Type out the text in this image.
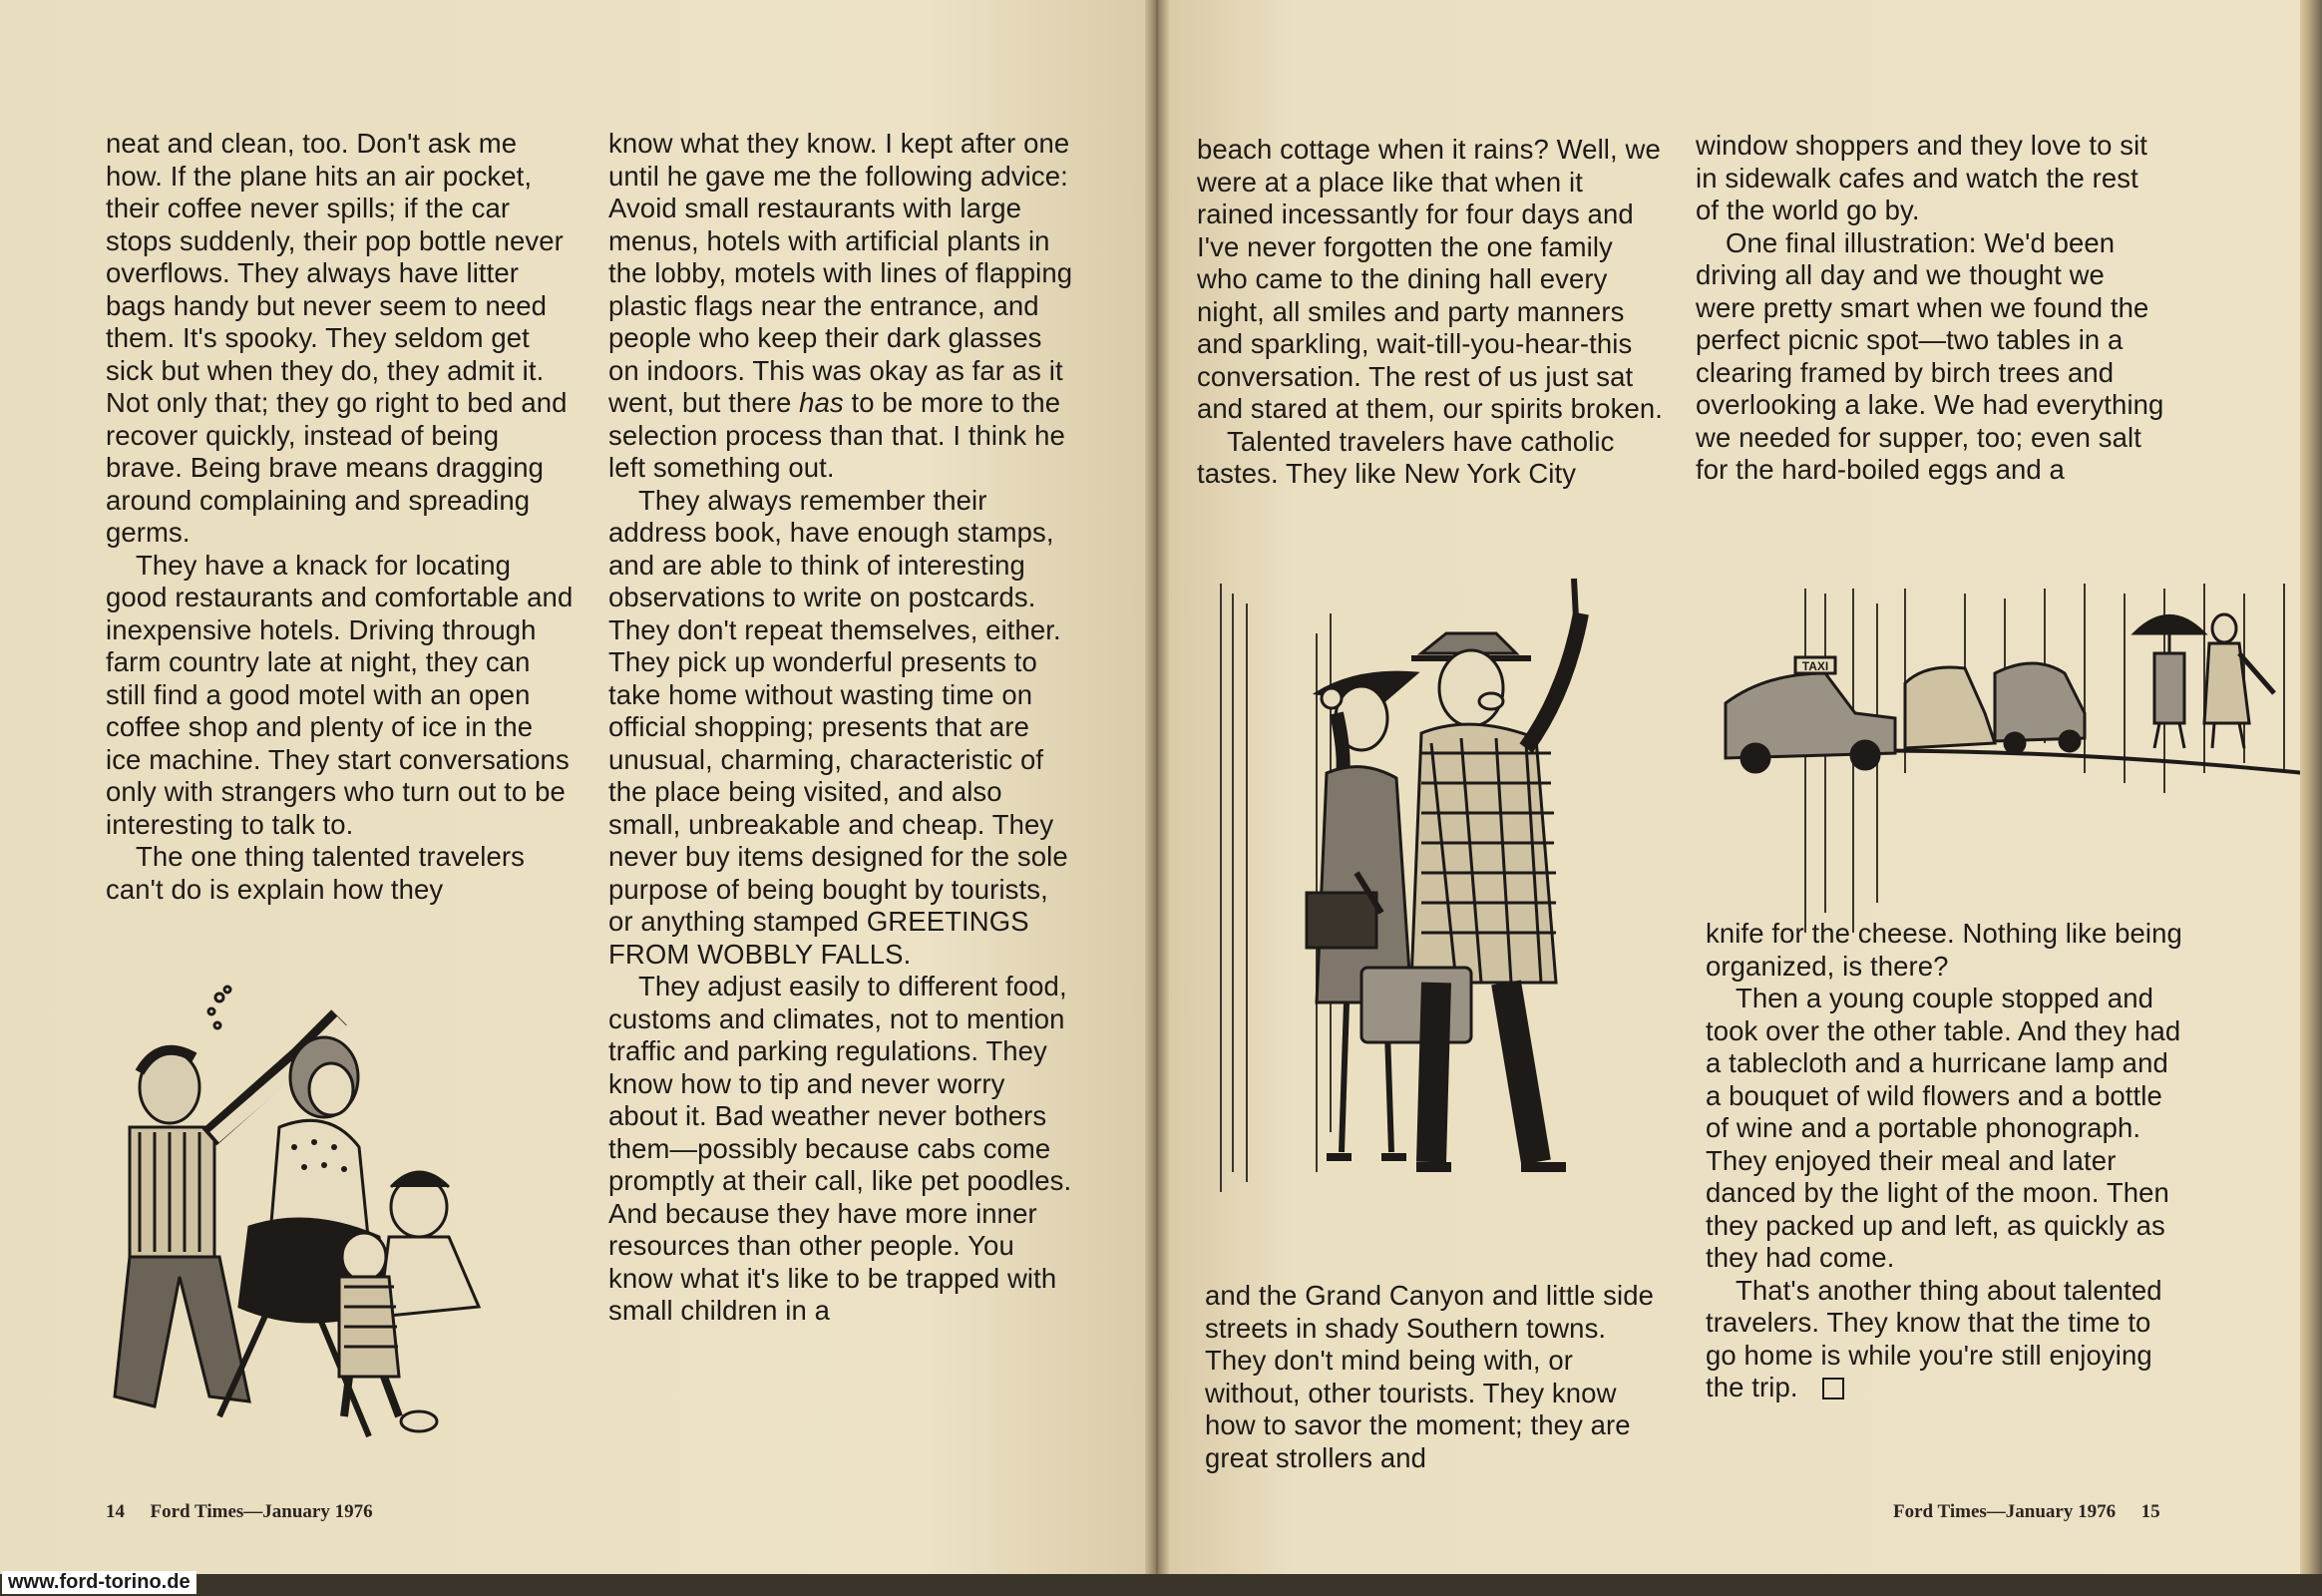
neat and clean, too. Don't ask me how. If the plane hits an air pocket, their coffee never spills; if the car stops suddenly, their pop bottle never overflows. They always have litter bags handy but never seem to need them. It's spooky. They seldom get sick but when they do, they admit it. Not only that; they go right to bed and recover quickly, instead of being brave. Being brave means dragging around complaining and spreading germs.

They have a knack for locating good restaurants and comfortable and inexpensive hotels. Driving through farm country late at night, they can still find a good motel with an open coffee shop and plenty of ice in the ice machine. They start conversations only with strangers who turn out to be interesting to talk to.

The one thing talented travelers can't do is explain how they

know what they know. I kept after one until he gave me the following advice: Avoid small restaurants with large menus, hotels with artificial plants in the lobby, motels with lines of flapping plastic flags near the entrance, and people who keep their dark glasses on indoors. This was okay as far as it went, but there has to be more to the selection process than that. I think he left something out.

They always remember their address book, have enough stamps, and are able to think of interesting observations to write on postcards. They don't repeat themselves, either. They pick up wonderful presents to take home without wasting time on official shopping; presents that are unusual, charming, characteristic of the place being visited, and also small, unbreakable and cheap. They never buy items designed for the sole purpose of being bought by tourists, or anything stamped GREETINGS FROM WOBBLY FALLS.

They adjust easily to different food, customs and climates, not to mention traffic and parking regulations. They know how to tip and never worry about it. Bad weather never bothers them—possibly because cabs come promptly at their call, like pet poodles. And because they have more inner resources than other people. You know what it's like to be trapped with small children in a

14 Ford Times—January 1976

beach cottage when it rains? Well, we were at a place like that when it rained incessantly for four days and I've never forgotten the one family who came to the dining hall every night, all smiles and party manners and sparkling, wait-till-you-hear-this conversation. The rest of us just sat and stared at them, our spirits broken.

Talented travelers have catholic tastes. They like New York City

window shoppers and they love to sit in sidewalk cafes and watch the rest of the world go by.

One final illustration: We'd been driving all day and we thought we were pretty smart when we found the perfect picnic spot—two tables in a clearing framed by birch trees and overlooking a lake. We had everything we needed for supper, too; even salt for the hard-boiled eggs and a

TAXI

and the Grand Canyon and little side streets in shady Southern towns. They don't mind being with, or without, other tourists. They know how to savor the moment; they are great strollers and

knife for the cheese. Nothing like being organized, is there?

Then a young couple stopped and took over the other table. And they had a tablecloth and a hurricane lamp and a bouquet of wild flowers and a bottle of wine and a portable phonograph. They enjoyed their meal and later danced by the light of the moon. Then they packed up and left, as quickly as they had come.

That's another thing about talented travelers. They know that the time to go home is while you're still enjoying the trip.

Ford Times—January 1976 15
www.ford-torino.de
